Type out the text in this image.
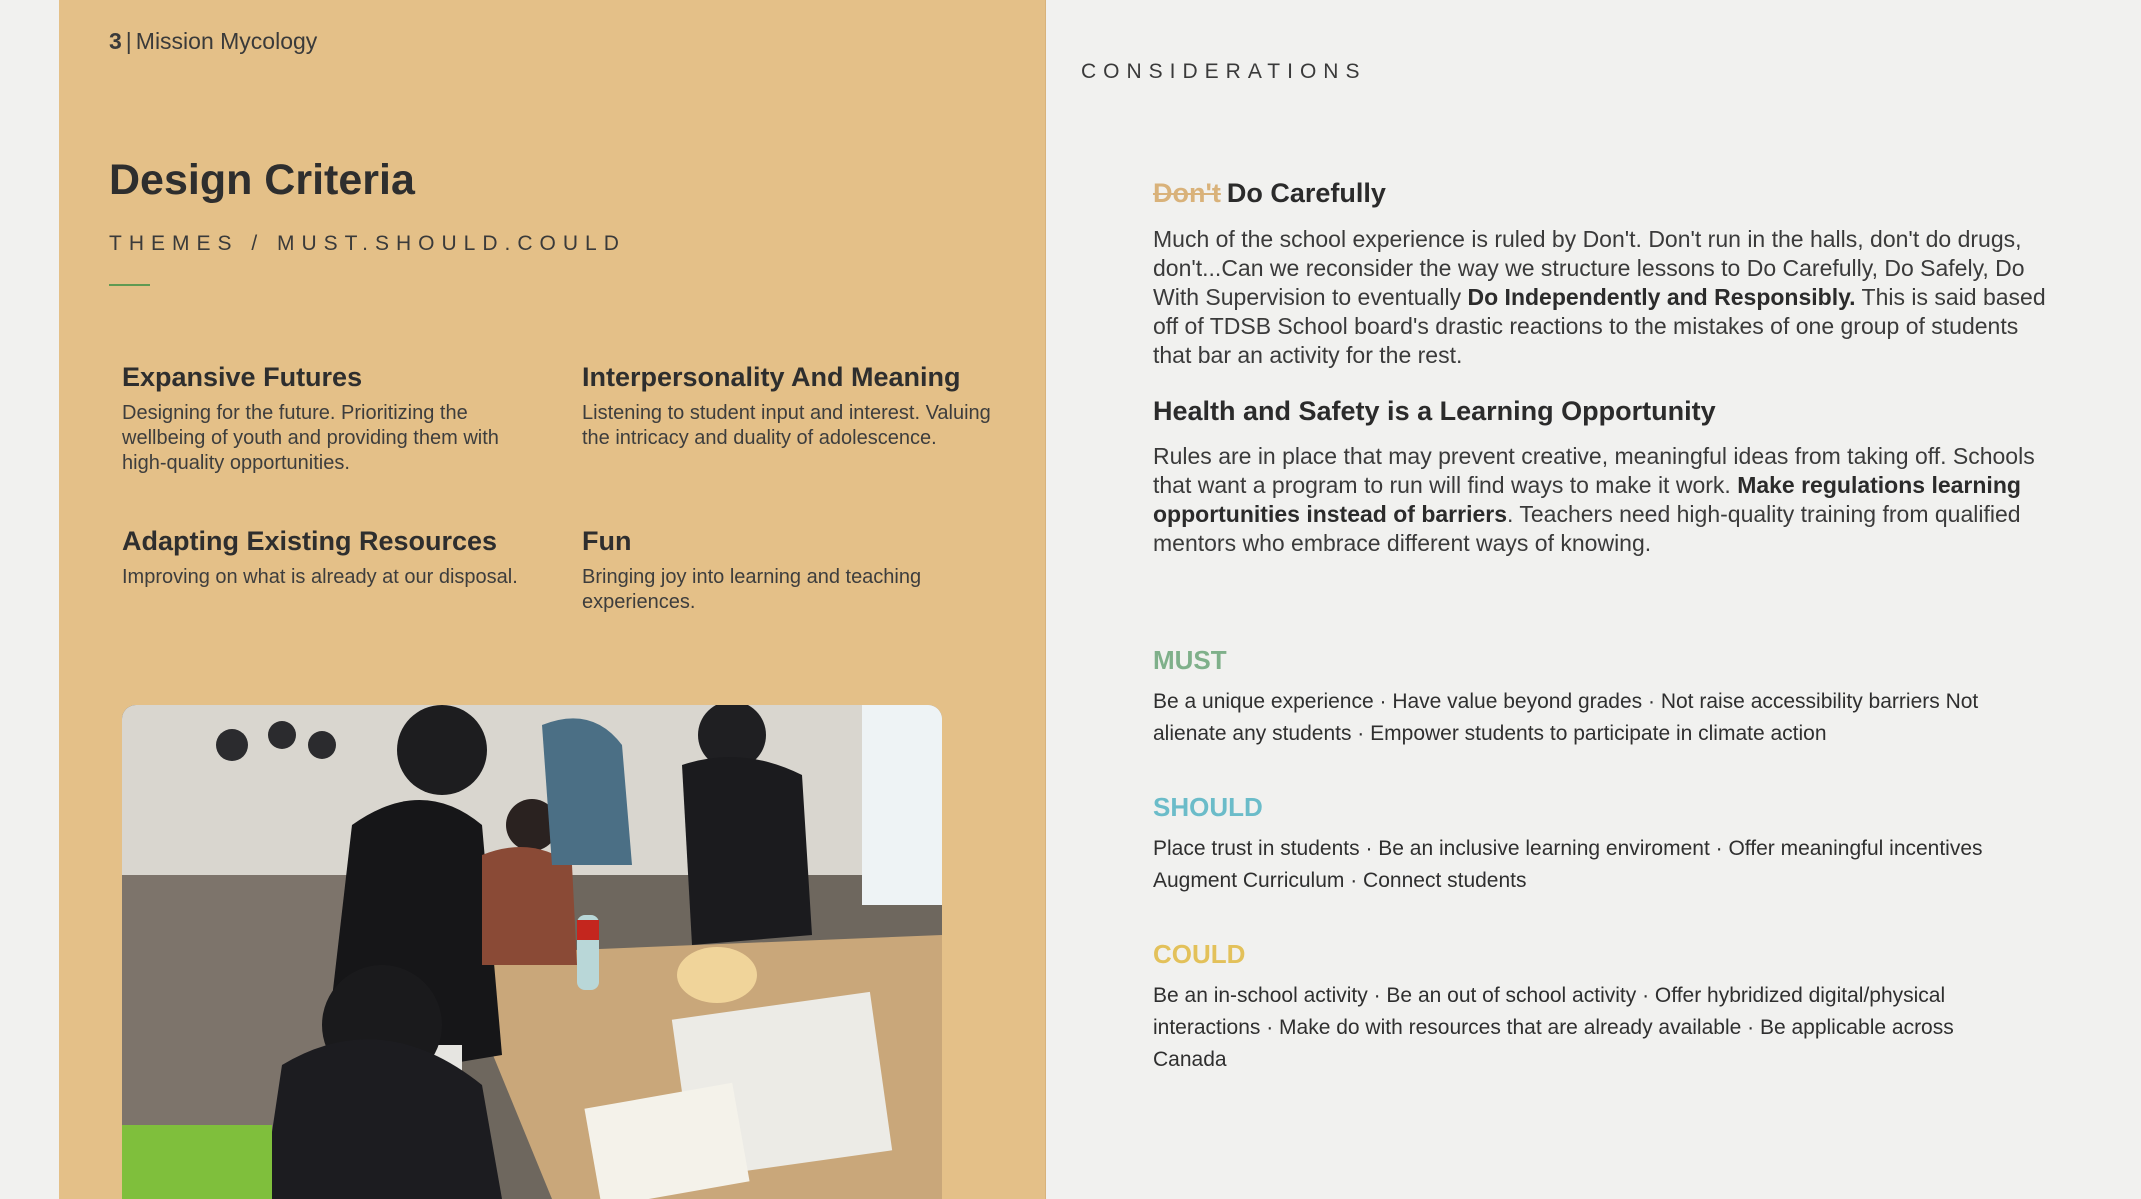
3 | Mission Mycology
Design Criteria
THEMES / MUST.SHOULD.COULD
Expansive Futures

Designing for the future. Prioritizing the wellbeing of youth and providing them with high-quality opportunities.

Interpersonality And Meaning

Listening to student input and interest. Valuing the intricacy and duality of adolescence.

Adapting Existing Resources

Improving on what is already at our disposal.

Fun

Bringing joy into learning and teaching experiences.

CONSIDERATIONS
Don't Do Carefully
Much of the school experience is ruled by Don't. Don't run in the halls, don't do drugs, don't...Can we reconsider the way we structure lessons to Do Carefully, Do Safely, Do With Supervision to eventually Do Independently and Responsibly. This is said based off of TDSB School board's drastic reactions to the mistakes of one group of students that bar an activity for the rest.
Health and Safety is a Learning Opportunity
Rules are in place that may prevent creative, meaningful ideas from taking off. Schools that want a program to run will find ways to make it work. Make regulations learning opportunities instead of barriers. Teachers need high-quality training from qualified mentors who embrace different ways of knowing.
MUST
Be a unique experience · Have value beyond grades · Not raise accessibility barriers Not alienate any students · Empower students to participate in climate action
SHOULD
Place trust in students · Be an inclusive learning enviroment · Offer meaningful incentives Augment Curriculum · Connect students
COULD
Be an in-school activity · Be an out of school activity · Offer hybridized digital/physical interactions · Make do with resources that are already available · Be applicable across Canada
